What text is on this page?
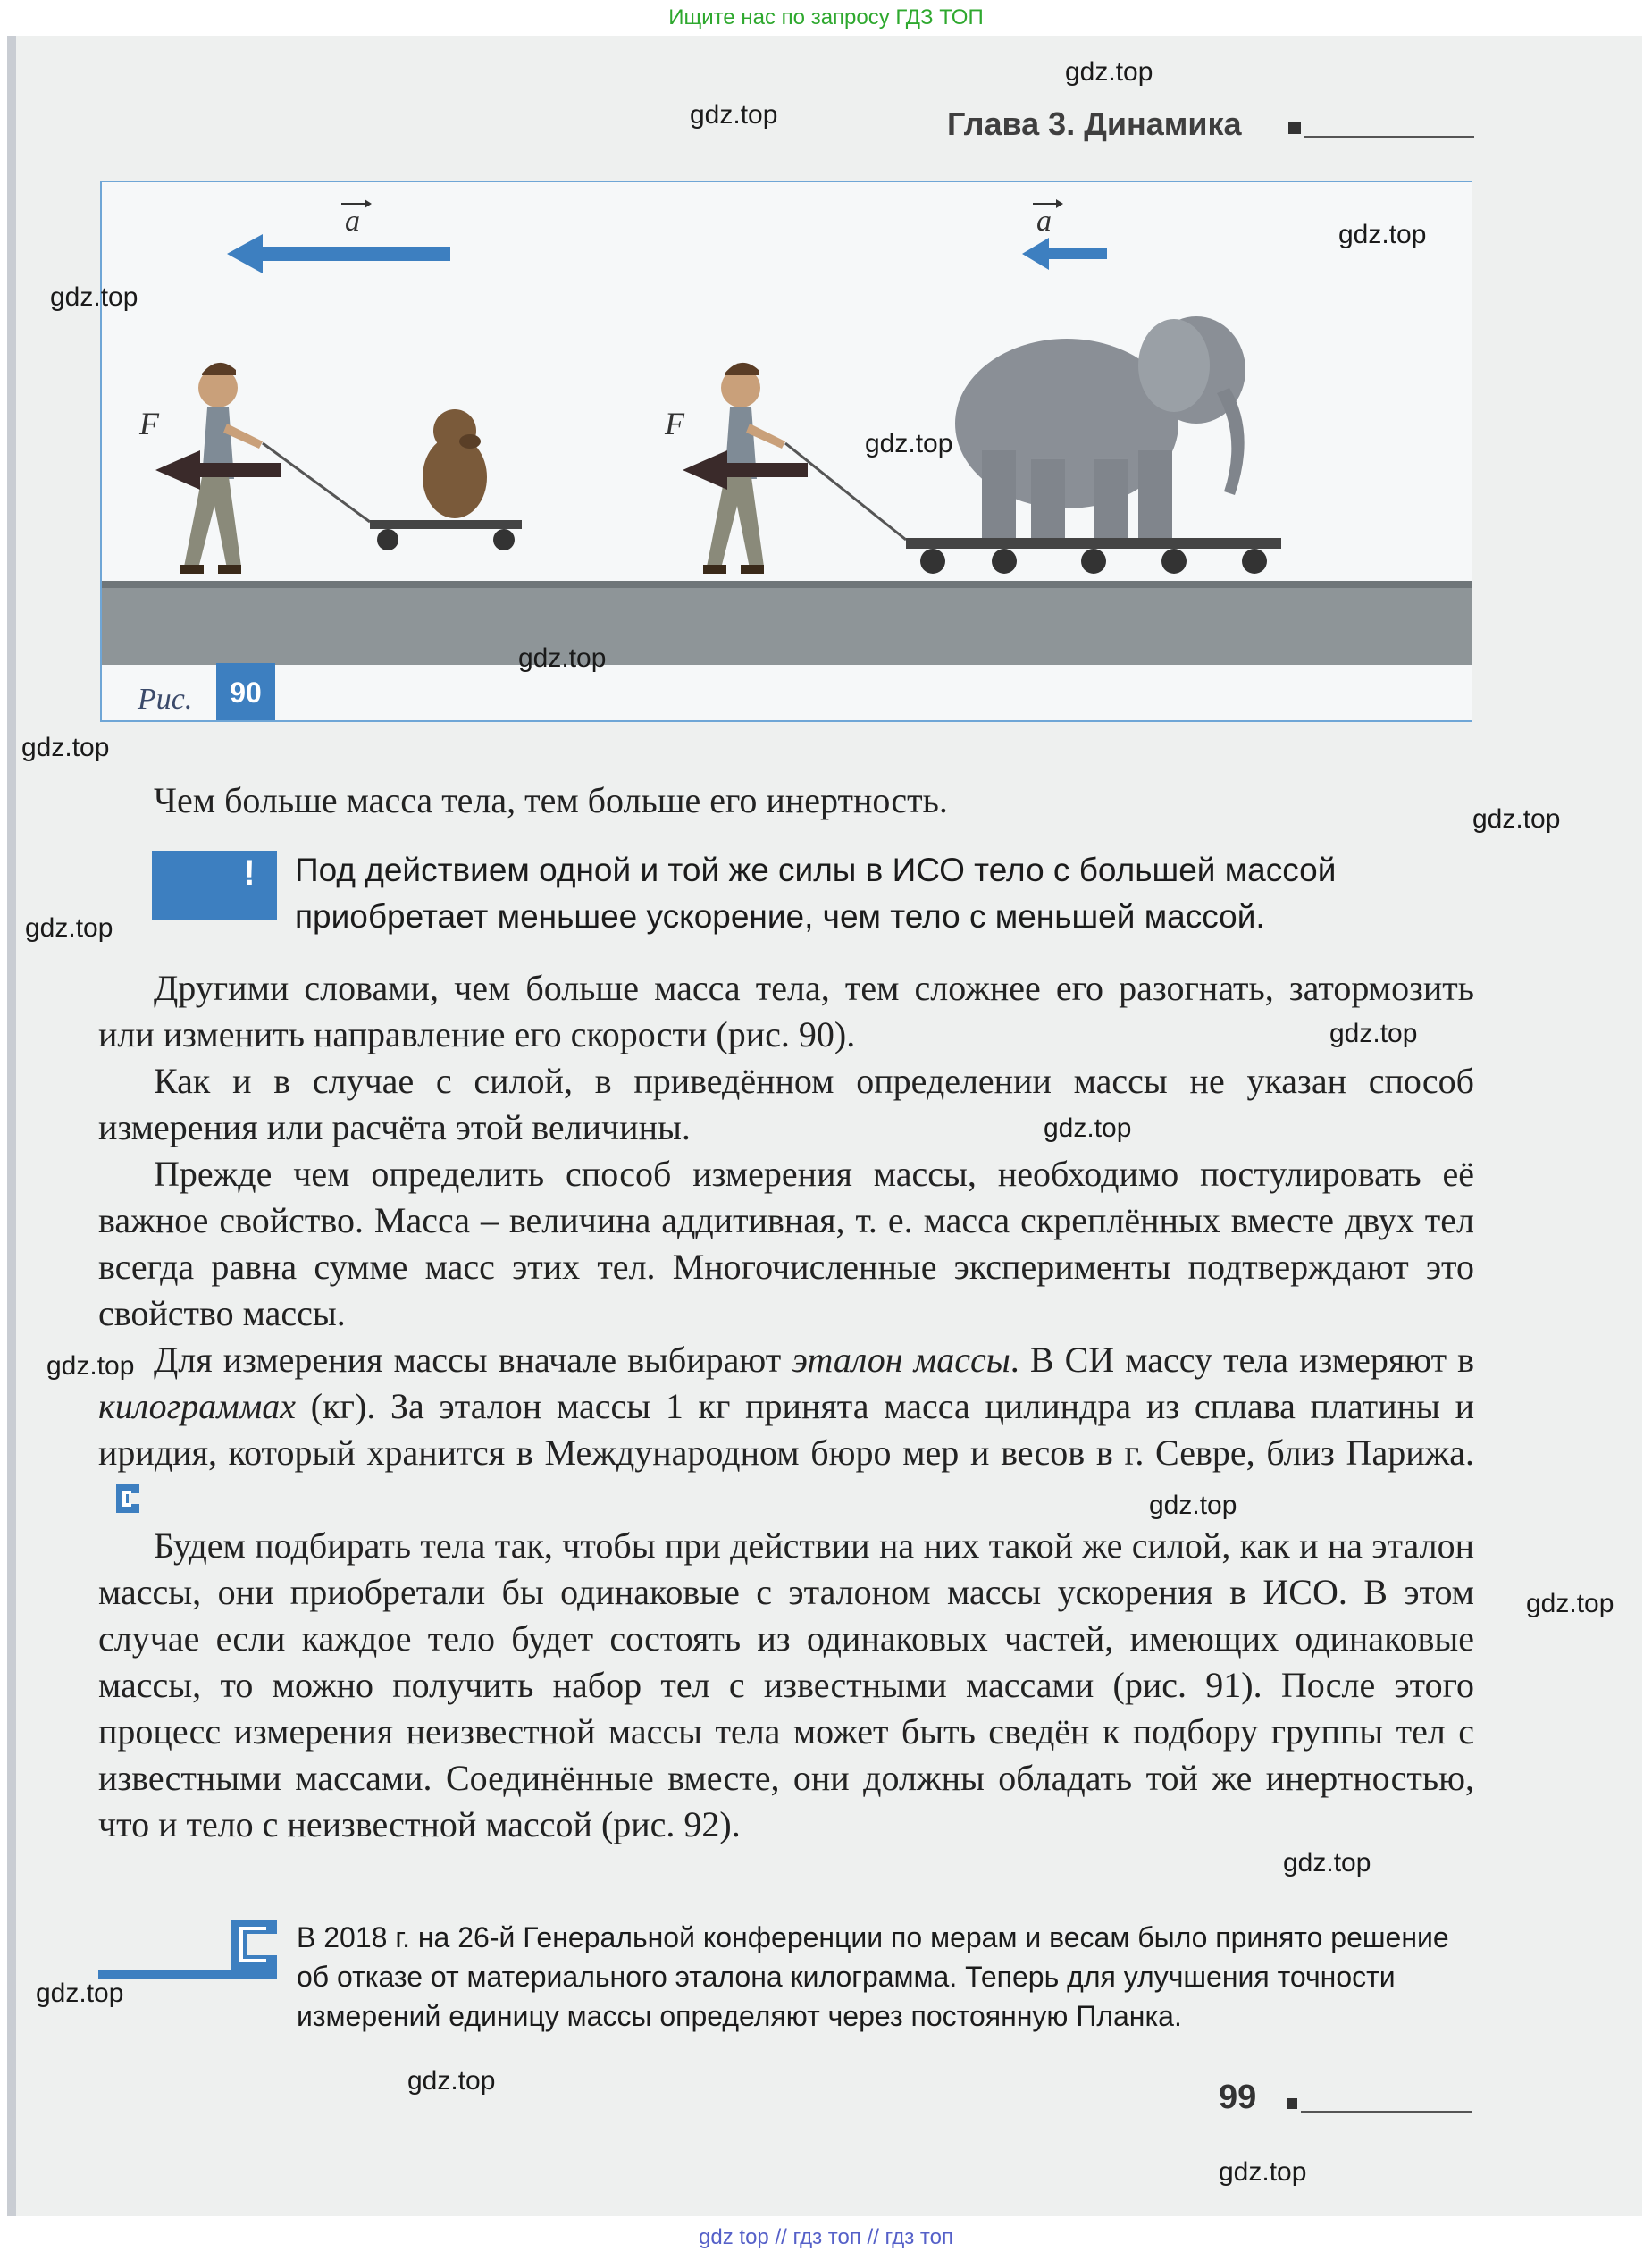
Ищите нас по запросу ГДЗ ТОП
Глава 3. Динамика
F
a
F
a
Рис.	90
Чем больше масса тела, тем больше его инертность.
!	Под действием одной и той же силы в ИСО тело с большей массой приобретает меньшее ускорение, чем тело с меньшей массой.
Другими словами, чем больше масса тела, тем сложнее его разогнать, затормозить или изменить направление его скорости (рис. 90).
Как и в случае с силой, в приведённом определении массы не указан способ измерения или расчёта этой величины.
Прежде чем определить способ измерения массы, необходимо постулировать её важное свойство. Масса – величина аддитивная, т. е. масса скреплённых вместе двух тел всегда равна сумме масс этих тел. Многочисленные эксперименты подтверждают это свойство массы.
Для измерения массы вначале выбирают эталон массы. В СИ массу тела измеряют в килограммах (кг). За эталон массы 1 кг принята масса цилиндра из сплава платины и иридия, который хранится в Международном бюро мер и весов в г. Севре, близ Парижа.
Будем подбирать тела так, чтобы при действии на них такой же силой, как и на эталон массы, они приобретали бы одинаковые с эталоном массы ускорения в ИСО. В этом случае если каждое тело будет состоять из одинаковых частей, имеющих одинаковые массы, то можно получить набор тел с известными массами (рис. 91). После этого процесс измерения неизвестной массы тела может быть сведён к подбору группы тел с известными массами. Соединённые вместе, они должны обладать той же инертностью, что и тело с неизвестной массой (рис. 92).
В 2018 г. на 26-й Генеральной конференции по мерам и весам было принято решение об отказе от материального эталона килограмма. Теперь для улучшения точности измерений единицу массы определяют через постоянную Планка.
99
gdz.top
gdz.top
gdz.top
gdz.top
gdz.top
gdz.top
gdz.top
gdz.top
gdz.top
gdz.top
gdz.top
gdz.top
gdz.top
gdz.top
gdz.top
gdz.top
gdz.top
gdz.top
gdz top // гдз топ // гдз топ
